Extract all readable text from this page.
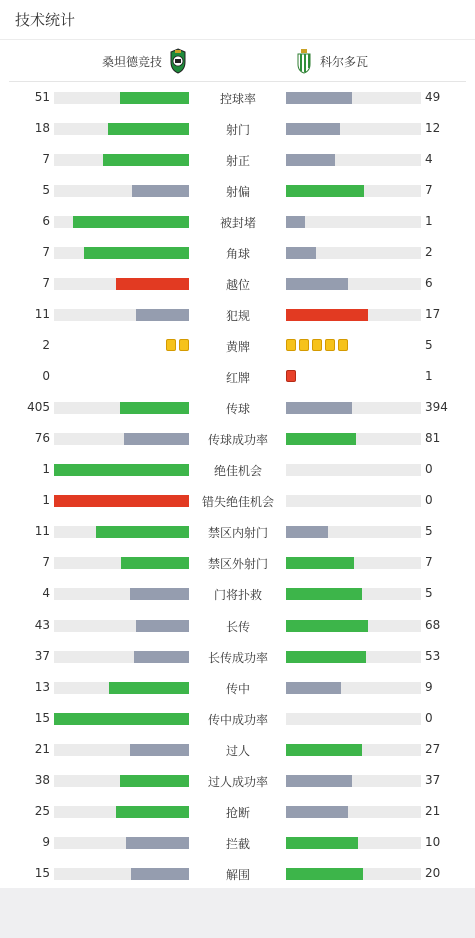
技术统计
桑坦德竞技	科尔多瓦
51	控球率	49
18	射门	12
7	射正	4
5	射偏	7
6	被封堵	1
7	角球	2
7	越位	6
11	犯规	17
2	黄牌	5
0	红牌	1
405	传球	394
76	传球成功率	81
1	绝佳机会	0
1	错失绝佳机会	0
11	禁区内射门	5
7	禁区外射门	7
4	门将扑救	5
43	长传	68
37	长传成功率	53
13	传中	9
15	传中成功率	0
21	过人	27
38	过人成功率	37
25	抢断	21
9	拦截	10
15	解围	20
